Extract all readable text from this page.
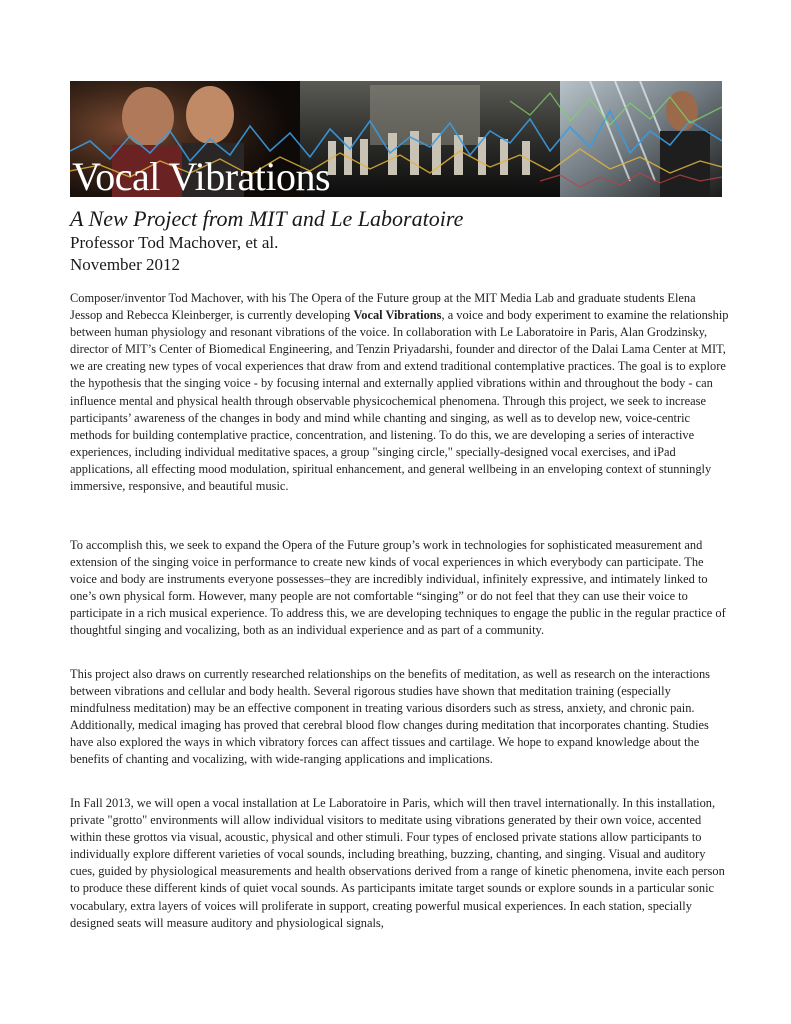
Vocal Vibrations
A New Project from MIT and Le Laboratoire

Professor Tod Machover, et al.

November 2012

Composer/inventor Tod Machover, with his The Opera of the Future group at the MIT Media Lab and graduate students Elena Jessop and Rebecca Kleinberger, is currently developing Vocal Vibrations, a voice and body experiment to examine the relationship between human physiology and resonant vibrations of the voice. In collaboration with Le Laboratoire in Paris, Alan Grodzinsky, director of MIT’s Center of Biomedical Engineering, and Tenzin Priyadarshi, founder and director of the Dalai Lama Center at MIT, we are creating new types of vocal experiences that draw from and extend traditional contemplative practices. The goal is to explore the hypothesis that the singing voice - by focusing internal and externally applied vibrations within and throughout the body - can influence mental and physical health through observable physicochemical phenomena. Through this project, we seek to increase participants’ awareness of the changes in body and mind while chanting and singing, as well as to develop new, voice-centric methods for building contemplative practice, concentration, and listening. To do this, we are developing a series of interactive experiences, including individual meditative spaces, a group "singing circle," specially-designed vocal exercises, and iPad applications, all effecting mood modulation, spiritual enhancement, and general wellbeing in an enveloping context of stunningly immersive, responsive, and beautiful music.

To accomplish this, we seek to expand the Opera of the Future group’s work in technologies for sophisticated measurement and extension of the singing voice in performance to create new kinds of vocal experiences in which everybody can participate. The voice and body are instruments everyone possesses–they are incredibly individual, infinitely expressive, and intimately linked to one’s own physical form. However, many people are not comfortable “singing” or do not feel that they can use their voice to participate in a rich musical experience. To address this, we are developing techniques to engage the public in the regular practice of thoughtful singing and vocalizing, both as an individual experience and as part of a community.

This project also draws on currently researched relationships on the benefits of meditation, as well as research on the interactions between vibrations and cellular and body health. Several rigorous studies have shown that meditation training (especially mindfulness meditation) may be an effective component in treating various disorders such as stress, anxiety, and chronic pain. Additionally, medical imaging has proved that cerebral blood flow changes during meditation that incorporates chanting. Studies have also explored the ways in which vibratory forces can affect tissues and cartilage. We hope to expand knowledge about the benefits of chanting and vocalizing, with wide-ranging applications and implications.

In Fall 2013, we will open a vocal installation at Le Laboratoire in Paris, which will then travel internationally. In this installation, private "grotto" environments will allow individual visitors to meditate using vibrations generated by their own voice, accented within these grottos via visual, acoustic, physical and other stimuli. Four types of enclosed private stations allow participants to individually explore different varieties of vocal sounds, including breathing, buzzing, chanting, and singing. Visual and auditory cues, guided by physiological measurements and health observations derived from a range of kinetic phenomena, invite each person to produce these different kinds of quiet vocal sounds. As participants imitate target sounds or explore sounds in a particular sonic vocabulary, extra layers of voices will proliferate in support, creating powerful musical experiences. In each station, specially designed seats will measure auditory and physiological signals,
